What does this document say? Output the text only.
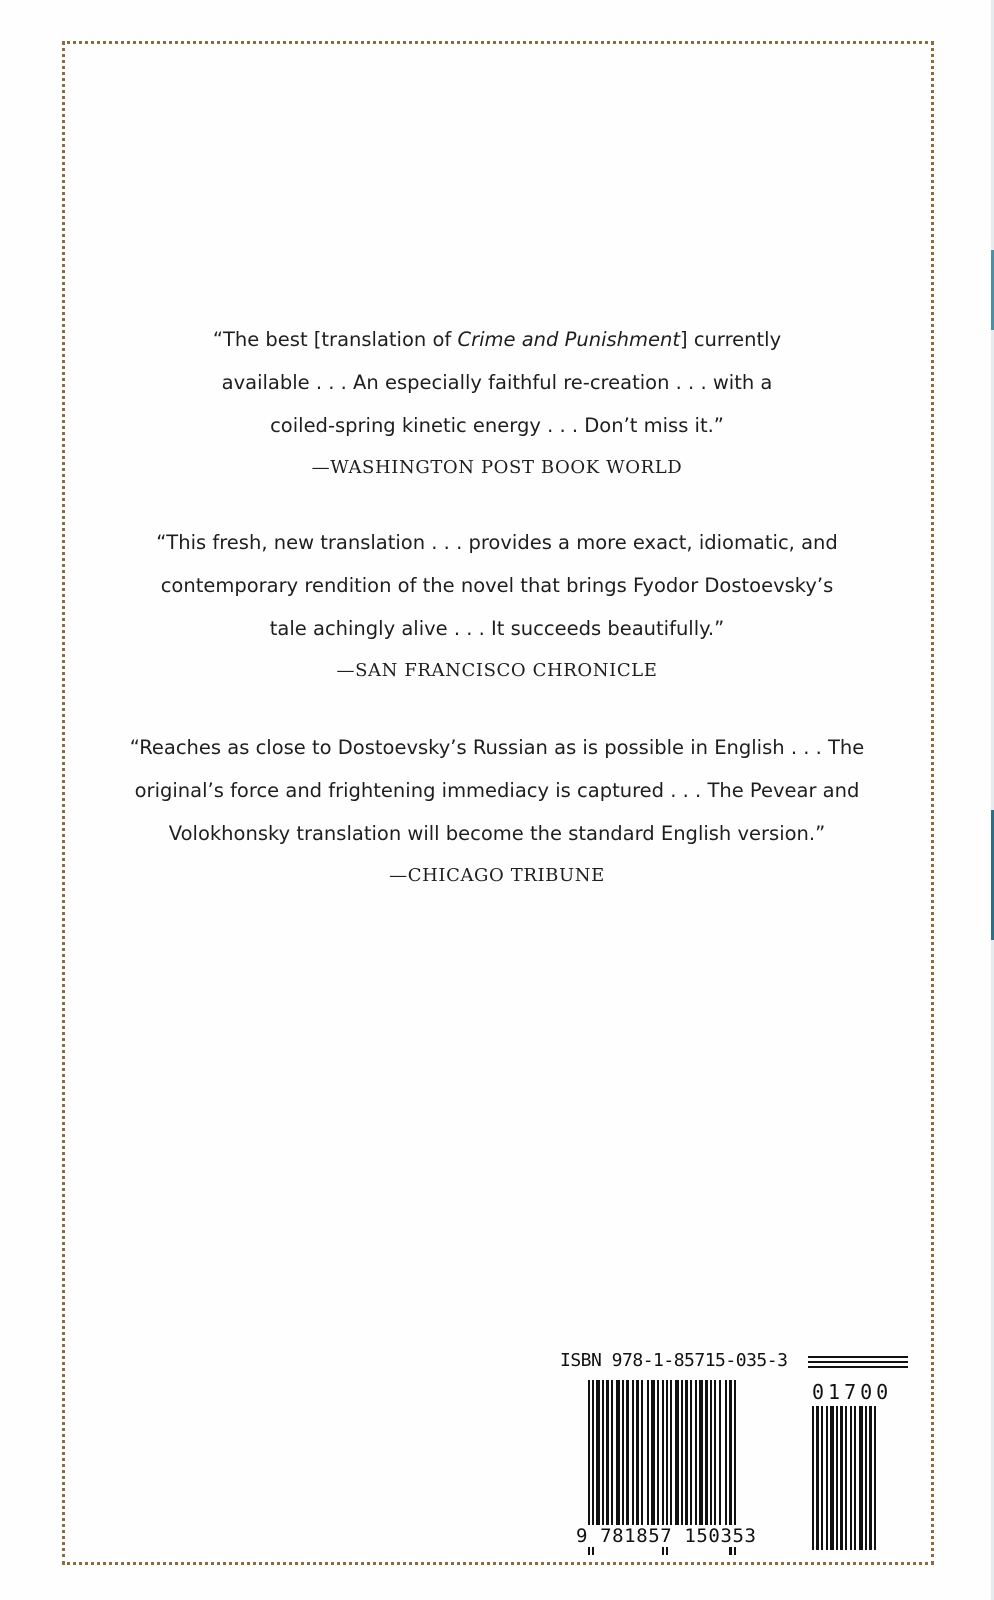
“The best [translation of Crime and Punishment] currently
available . . . An especially faithful re-creation . . . with a
coiled-spring kinetic energy . . . Don’t miss it.”
—WASHINGTON POST BOOK WORLD
“This fresh, new translation . . . provides a more exact, idiomatic, and
contemporary rendition of the novel that brings Fyodor Dostoevsky’s
tale achingly alive . . . It succeeds beautifully.”
—SAN FRANCISCO CHRONICLE
“Reaches as close to Dostoevsky’s Russian as is possible in English . . . The
original’s force and frightening immediacy is captured . . . The Pevear and
Volokhonsky translation will become the standard English version.”
—CHICAGO TRIBUNE
ISBN 978-1-85715-035-3
9 781857 150353
01700
